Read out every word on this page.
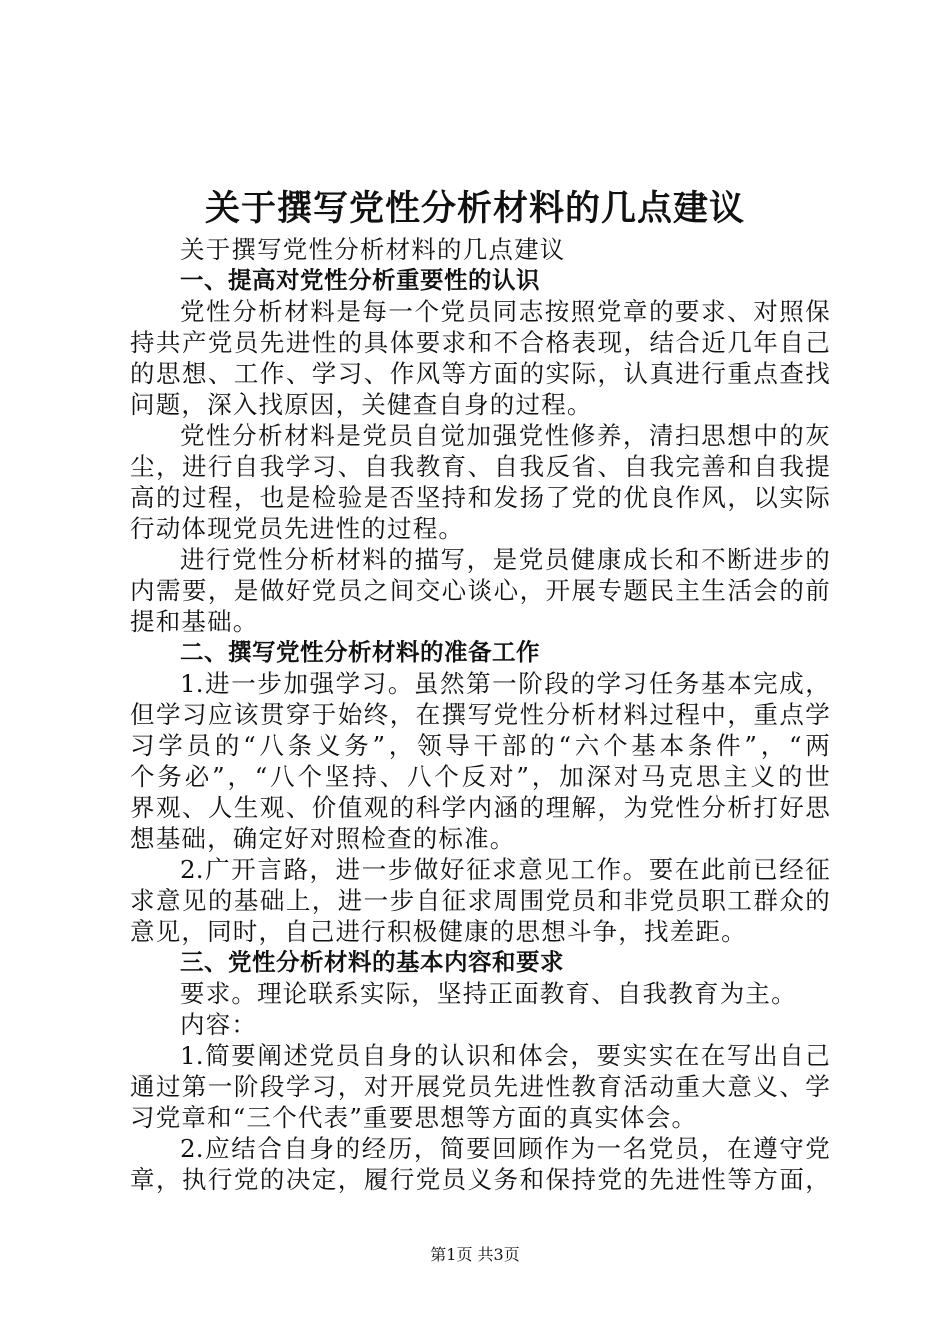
关于撰写党性分析材料的几点建议
关于撰写党性分析材料的几点建议
一、提高对党性分析重要性的认识
党性分析材料是每一个党员同志按照党章的要求、对照保
持共产党员先进性的具体要求和不合格表现，结合近几年自己
的思想、工作、学习、作风等方面的实际，认真进行重点查找
问题，深入找原因，关健查自身的过程。
党性分析材料是党员自觉加强党性修养，清扫思想中的灰
尘，进行自我学习、自我教育、自我反省、自我完善和自我提
高的过程，也是检验是否坚持和发扬了党的优良作风，以实际
行动体现党员先进性的过程。
进行党性分析材料的描写，是党员健康成长和不断进步的
内需要，是做好党员之间交心谈心，开展专题民主生活会的前
提和基础。
二、撰写党性分析材料的准备工作
1.进一步加强学习。虽然第一阶段的学习任务基本完成，
但学习应该贯穿于始终，在撰写党性分析材料过程中，重点学
习学员的“八条义务”，领导干部的“六个基本条件”，“两
个务必”，“八个坚持、八个反对”，加深对马克思主义的世
界观、人生观、价值观的科学内涵的理解，为党性分析打好思
想基础，确定好对照检查的标准。
2.广开言路，进一步做好征求意见工作。要在此前已经征
求意见的基础上，进一步自征求周围党员和非党员职工群众的
意见，同时，自己进行积极健康的思想斗争，找差距。
三、党性分析材料的基本内容和要求
要求。理论联系实际，坚持正面教育、自我教育为主。
内容：
1.简要阐述党员自身的认识和体会，要实实在在写出自己
通过第一阶段学习，对开展党员先进性教育活动重大意义、学
习党章和“三个代表”重要思想等方面的真实体会。
2.应结合自身的经历，简要回顾作为一名党员，在遵守党
章，执行党的决定，履行党员义务和保持党的先进性等方面，
第1页 共3页
